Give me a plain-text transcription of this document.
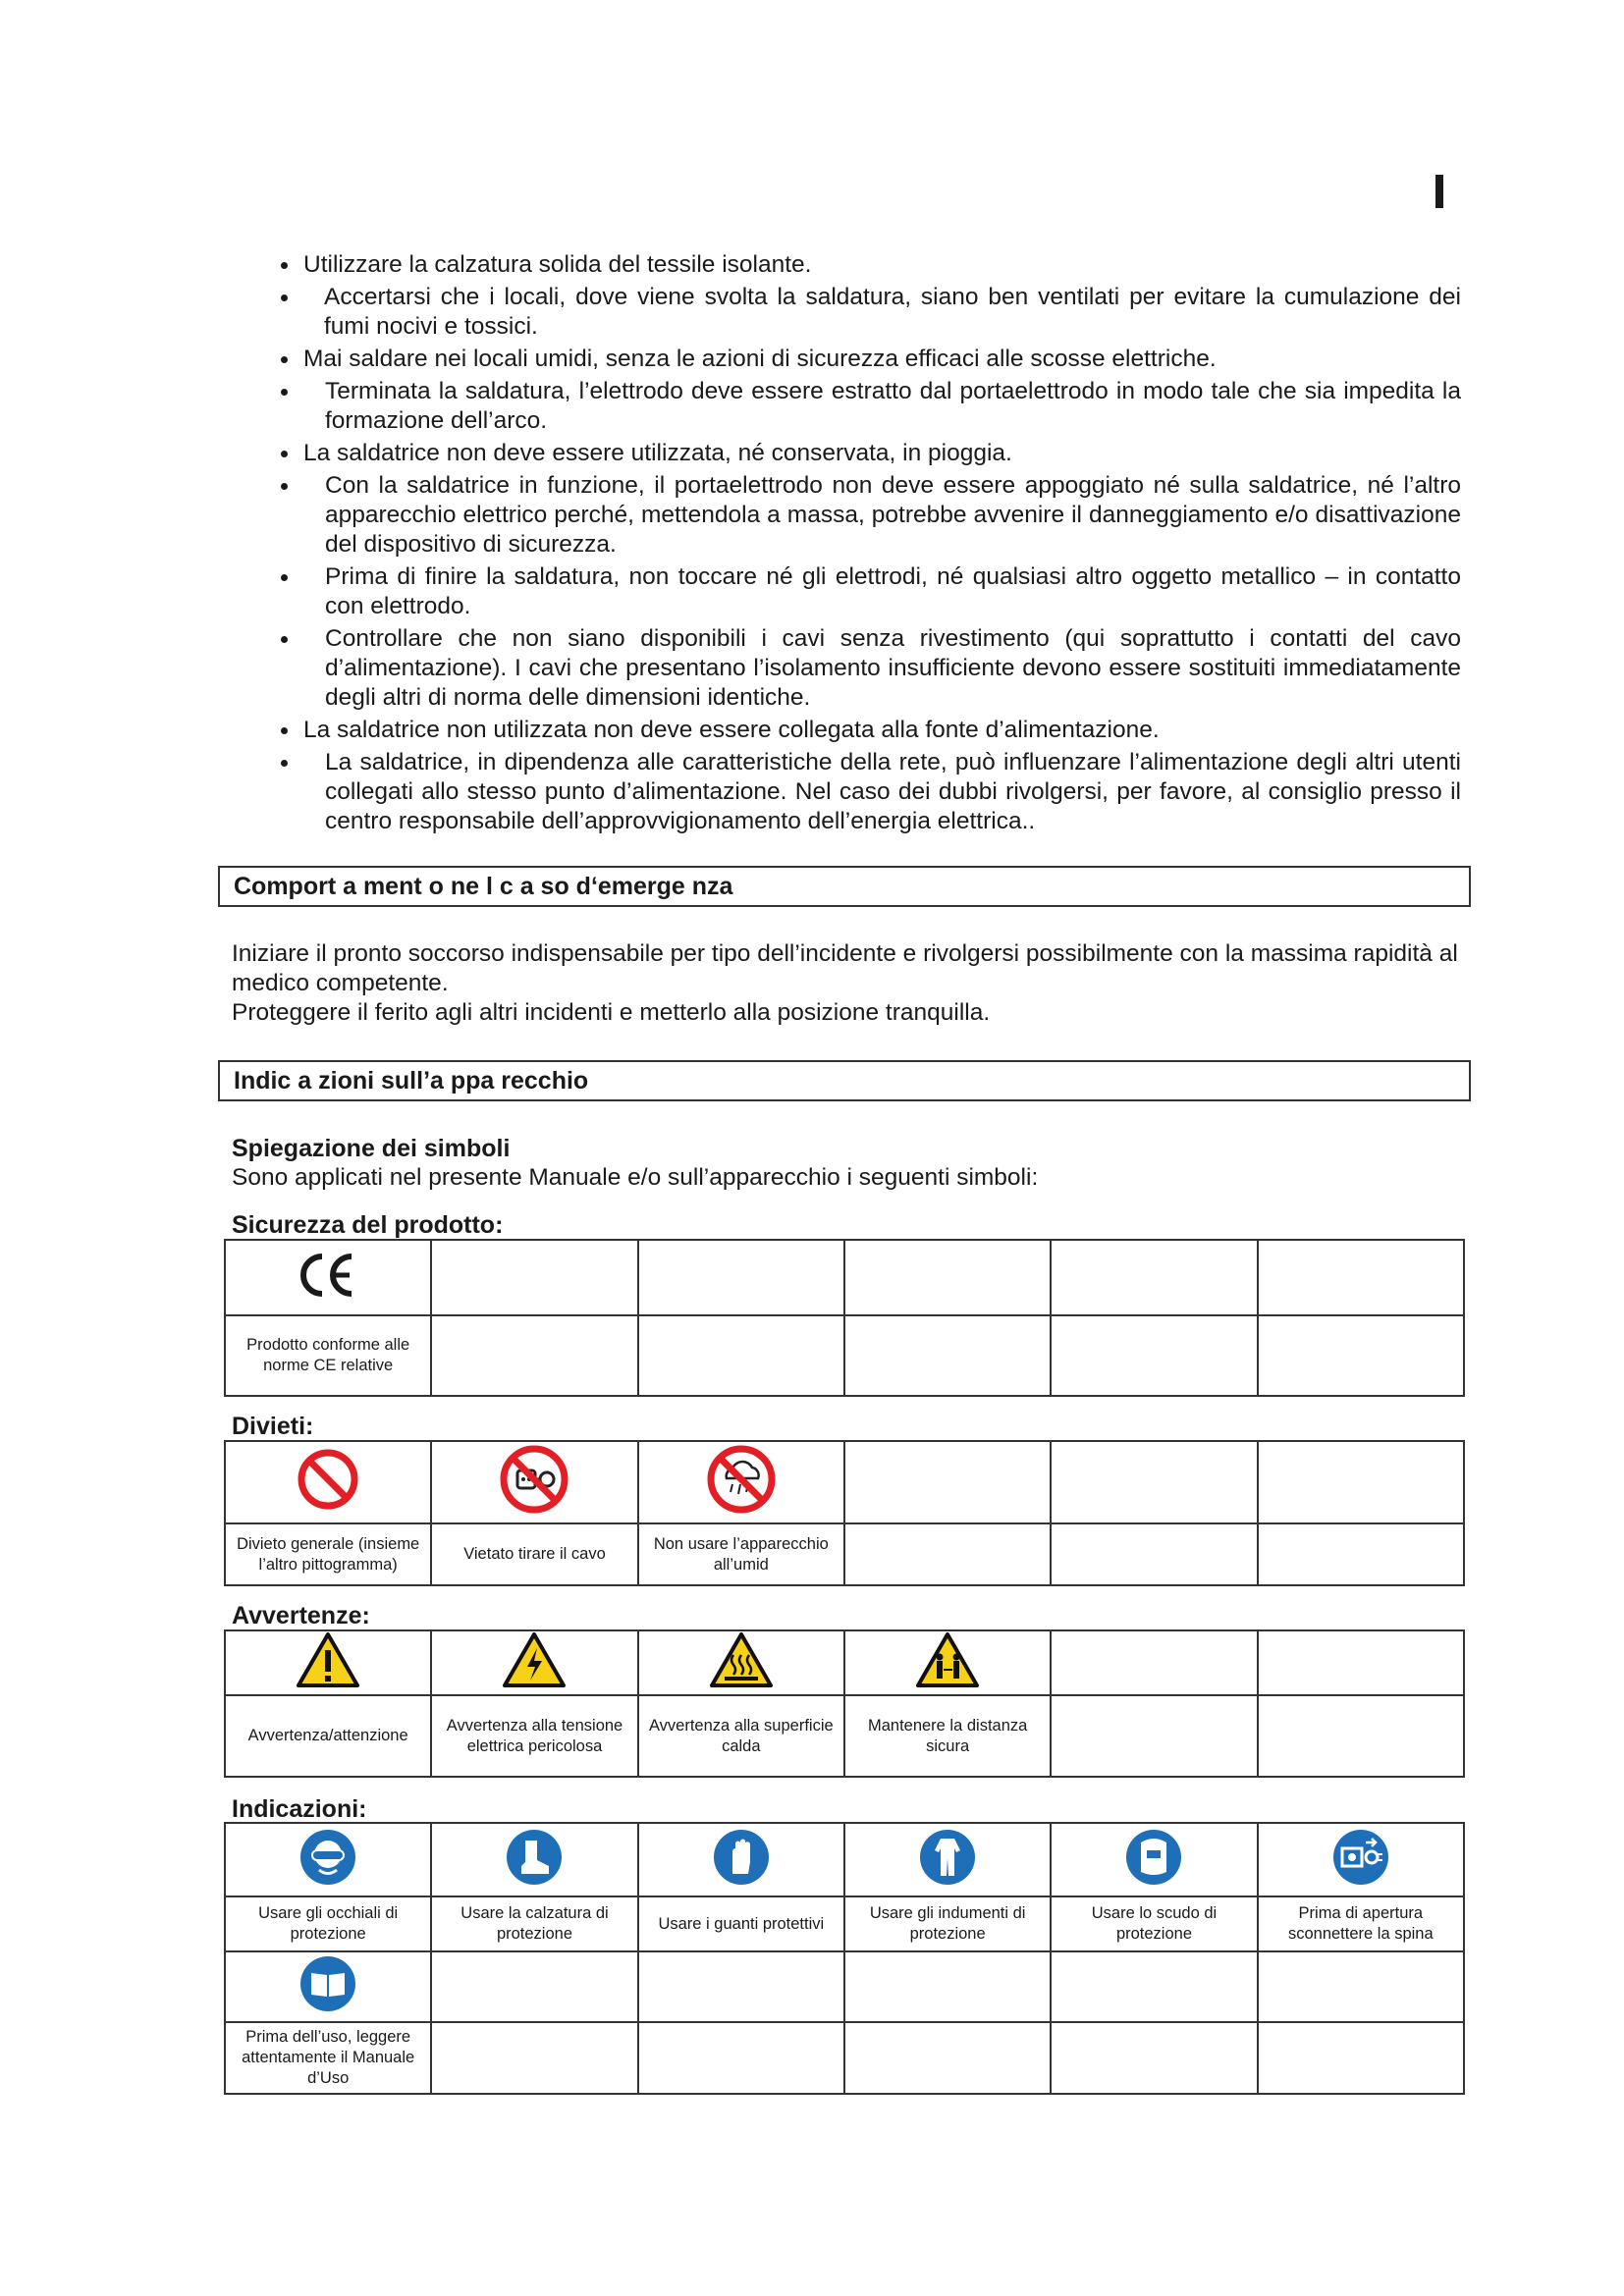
Utilizzare la calzatura solida del tessile isolante.
Accertarsi che i locali, dove viene svolta la saldatura, siano ben ventilati per evitare la cumulazione dei fumi nocivi e tossici.
Mai saldare nei locali umidi, senza le azioni di sicurezza efficaci alle scosse elettriche.
Terminata la saldatura, l’elettrodo deve essere estratto dal portaelettrodo in modo tale che sia impedita la formazione dell’arco.
La saldatrice non deve essere utilizzata, né conservata, in pioggia.
Con la saldatrice in funzione, il portaelettrodo non deve essere appoggiato né sulla saldatrice, né l’altro apparecchio elettrico perché, mettendola a massa, potrebbe avvenire il danneggiamento e/o disattivazione del dispositivo di sicurezza.
Prima di finire la saldatura, non toccare né gli elettrodi, né qualsiasi altro oggetto metallico – in contatto con elettrodo.
Controllare che non siano disponibili i cavi senza rivestimento (qui soprattutto i contatti del cavo d’alimentazione). I cavi che presentano l’isolamento insufficiente devono essere sostituiti immediatamente degli altri di norma delle dimensioni identiche.
La saldatrice non utilizzata non deve essere collegata alla fonte d’alimentazione.
La saldatrice, in dipendenza alle caratteristiche della rete, può influenzare l’alimentazione degli altri utenti collegati allo stesso punto d’alimentazione. Nel caso dei dubbi rivolgersi, per favore, al consiglio presso il centro responsabile dell’approvvigionamento dell’energia elettrica..
Comport a ment o ne l c a so d‘emerge nza

Iniziare il pronto soccorso indispensabile per tipo dell’incidente e rivolgersi possibilmente con la massima rapidità al medico competente.

Proteggere il ferito agli altri incidenti e metterlo alla posizione tranquilla.

Indic a zioni sull’a ppa recchio
Spiegazione dei simboli

Sono applicati nel presente Manuale e/o sull’apparecchio i seguenti simboli:

Sicurezza del prodotto:

Prodotto conforme alle norme CE relative					

Divieti:

Divieto generale (insieme l’altro pittogramma)	Vietato tirare il cavo	Non usare l’apparecchio all’umid			

Avvertenze:

Avvertenza/attenzione	Avvertenza alla tensione elettrica pericolosa	Avvertenza alla superficie calda	Mantenere la distanza sicura		

Indicazioni:

Usare gli occhiali di protezione	Usare la calzatura di protezione	Usare i guanti protettivi	Usare gli indumenti di protezione	Usare lo scudo di protezione	Prima di apertura sconnettere la spina

Prima dell’uso, leggere attentamente il Manuale d’Uso					
